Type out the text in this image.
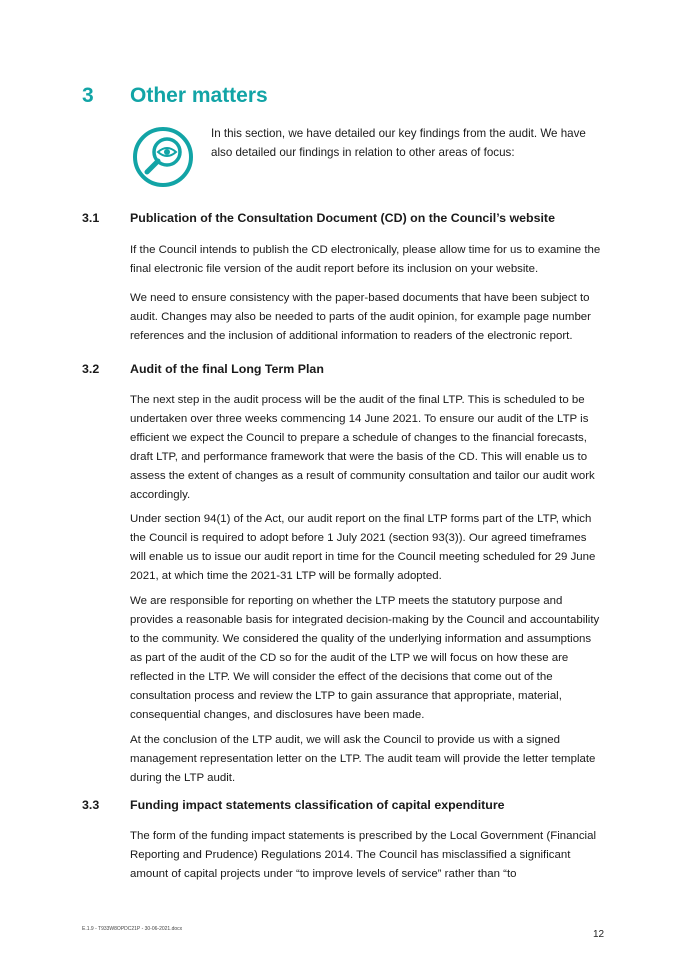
3 Other matters

In this section, we have detailed our key findings from the audit. We have also detailed our findings in relation to other areas of focus:

3.1 Publication of the Consultation Document (CD) on the Council’s website

If the Council intends to publish the CD electronically, please allow time for us to examine the final electronic file version of the audit report before its inclusion on your website.

We need to ensure consistency with the paper-based documents that have been subject to audit. Changes may also be needed to parts of the audit opinion, for example page number references and the inclusion of additional information to readers of the electronic report.

3.2 Audit of the final Long Term Plan

The next step in the audit process will be the audit of the final LTP. This is scheduled to be undertaken over three weeks commencing 14 June 2021. To ensure our audit of the LTP is efficient we expect the Council to prepare a schedule of changes to the financial forecasts, draft LTP, and performance framework that were the basis of the CD. This will enable us to assess the extent of changes as a result of community consultation and tailor our audit work accordingly.

Under section 94(1) of the Act, our audit report on the final LTP forms part of the LTP, which the Council is required to adopt before 1 July 2021 (section 93(3)). Our agreed timeframes will enable us to issue our audit report in time for the Council meeting scheduled for 29 June 2021, at which time the 2021-31 LTP will be formally adopted.

We are responsible for reporting on whether the LTP meets the statutory purpose and provides a reasonable basis for integrated decision-making by the Council and accountability to the community. We considered the quality of the underlying information and assumptions as part of the audit of the CD so for the audit of the LTP we will focus on how these are reflected in the LTP. We will consider the effect of the decisions that come out of the consultation process and review the LTP to gain assurance that appropriate, material, consequential changes, and disclosures have been made.

At the conclusion of the LTP audit, we will ask the Council to provide us with a signed management representation letter on the LTP. The audit team will provide the letter template during the LTP audit.

3.3 Funding impact statements classification of capital expenditure

The form of the funding impact statements is prescribed by the Local Government (Financial Reporting and Prudence) Regulations 2014. The Council has misclassified a significant amount of capital projects under “to improve levels of service” rather than “to

E.1.9 - T933W8OPDC21P - 30-06-2021.docx	12
